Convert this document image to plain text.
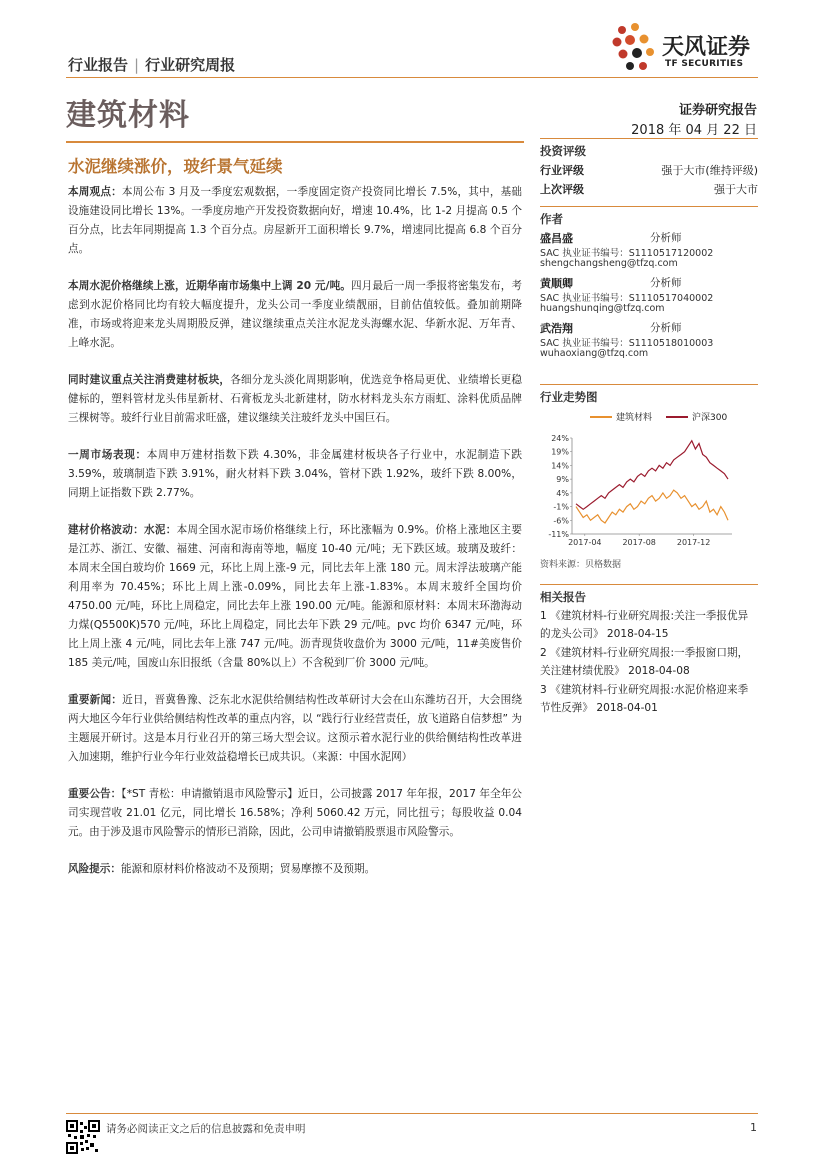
行业报告 | 行业研究周报
天风证券
TF SECURITIES
建筑材料	证券研究报告
2018 年 04 月 22 日
水泥继续涨价，玻纤景气延续

本周观点：本周公布 3 月及一季度宏观数据，一季度固定资产投资同比增长 7.5%，其中，基础设施建设同比增长 13%。一季度房地产开发投资数据向好，增速 10.4%，比 1-2 月提高 0.5 个百分点，比去年同期提高 1.3 个百分点。房屋新开工面积增长 9.7%，增速同比提高 6.8 个百分点。

本周水泥价格继续上涨，近期华南市场集中上调 20 元/吨。四月最后一周一季报将密集发布，考虑到水泥价格同比均有较大幅度提升，龙头公司一季度业绩靓丽，目前估值较低。叠加前期降准，市场或将迎来龙头周期股反弹，建议继续重点关注水泥龙头海螺水泥、华新水泥、万年青、上峰水泥。

同时建议重点关注消费建材板块，各细分龙头淡化周期影响，优选竞争格局更优、业绩增长更稳健标的，塑料管材龙头伟星新材、石膏板龙头北新建材，防水材料龙头东方雨虹、涂料优质品牌三棵树等。玻纤行业目前需求旺盛，建议继续关注玻纤龙头中国巨石。

一周市场表现：本周申万建材指数下跌 4.30%，非金属建材板块各子行业中，水泥制造下跌 3.59%，玻璃制造下跌 3.91%，耐火材料下跌 3.04%，管材下跌 1.92%，玻纤下跌 8.00%，同期上证指数下跌 2.77%。

建材价格波动：水泥：本周全国水泥市场价格继续上行，环比涨幅为 0.9%。价格上涨地区主要是江苏、浙江、安徽、福建、河南和海南等地，幅度 10-40 元/吨；无下跌区域。玻璃及玻纤：本周末全国白玻均价 1669 元，环比上周上涨-9 元，同比去年上涨 180 元。周末浮法玻璃产能利用率为 70.45%；环比上周上涨-0.09%，同比去年上涨-1.83%。本周末玻纤全国均价 4750.00 元/吨，环比上周稳定，同比去年上涨 190.00 元/吨。能源和原材料：本周末环渤海动力煤(Q5500K)570 元/吨，环比上周稳定，同比去年下跌 29 元/吨。pvc 均价 6347 元/吨，环比上周上涨 4 元/吨，同比去年上涨 747 元/吨。沥青现货收盘价为 3000 元/吨，11#美废售价 185 美元/吨，国废山东旧报纸（含量 80%以上）不含税到厂价 3000 元/吨。

重要新闻：近日，晋冀鲁豫、泛东北水泥供给侧结构性改革研讨大会在山东潍坊召开，大会围绕两大地区今年行业供给侧结构性改革的重点内容，以 “践行行业经营责任，放飞道路自信梦想” 为主题展开研讨。这是本月行业召开的第三场大型会议。这预示着水泥行业的供给侧结构性改革进入加速期，维护行业今年行业效益稳增长已成共识。（来源：中国水泥网）

重要公告：【*ST 青松：申请撤销退市风险警示】近日，公司披露 2017 年年报，2017 年全年公司实现营收 21.01 亿元，同比增长 16.58%；净利 5060.42 万元，同比扭亏；每股收益 0.04 元。由于涉及退市风险警示的情形已消除，因此，公司申请撤销股票退市风险警示。

风险提示：能源和原材料价格波动不及预期；贸易摩擦不及预期。

投资评级
行业评级	强于大市(维持评级)
上次评级	强于大市
作者
盛昌盛	分析师
SAC 执业证书编号：S1110517120002
shengchangsheng@tfzq.com
黄顺卿	分析师
SAC 执业证书编号：S1110517040002
huangshunqing@tfzq.com
武浩翔	分析师
SAC 执业证书编号：S1110518010003
wuhaoxiang@tfzq.com
行业走势图
建筑材料	沪深300
24%
19%
14%
9%
4%
-1%
-6%
-11%
2017-04	2017-08	2017-12
资料来源：贝格数据
相关报告
1 《建筑材料-行业研究周报:关注一季报优异的龙头公司》 2018-04-15
2 《建筑材料-行业研究周报:一季报窗口期，关注建材绩优股》 2018-04-08
3 《建筑材料-行业研究周报:水泥价格迎来季节性反弹》 2018-04-01
请务必阅读正文之后的信息披露和免责申明	1
